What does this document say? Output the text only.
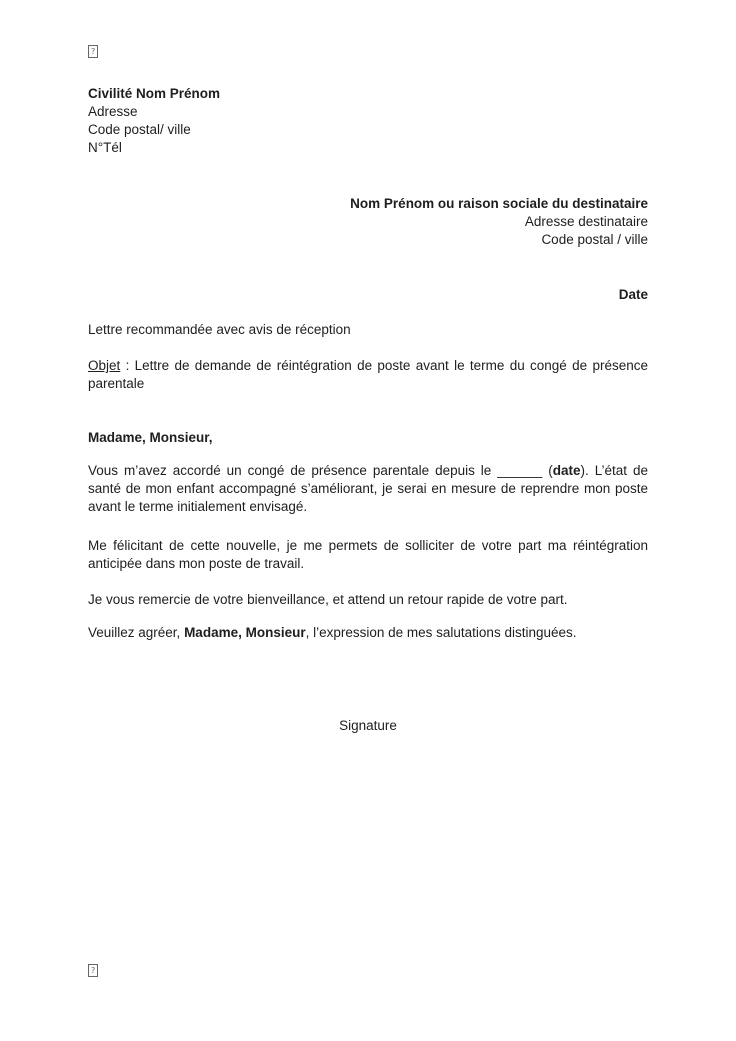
?
Civilité Nom Prénom
Adresse
Code postal/ ville
N°Tél
Nom Prénom ou raison sociale du destinataire
Adresse destinataire
Code postal / ville
Date
Lettre recommandée avec avis de réception
Objet : Lettre de demande de réintégration de poste avant le terme du congé de présence parentale
Madame, Monsieur,
Vous m’avez accordé un congé de présence parentale depuis le ______ (date). L’état de santé de mon enfant accompagné s’améliorant, je serai en mesure de reprendre mon poste avant le terme initialement envisagé.
Me félicitant de cette nouvelle, je me permets de solliciter de votre part ma réintégration anticipée dans mon poste de travail.
Je vous remercie de votre bienveillance, et attend un retour rapide de votre part.
Veuillez agréer, Madame, Monsieur, l’expression de mes salutations distinguées.
Signature
?
